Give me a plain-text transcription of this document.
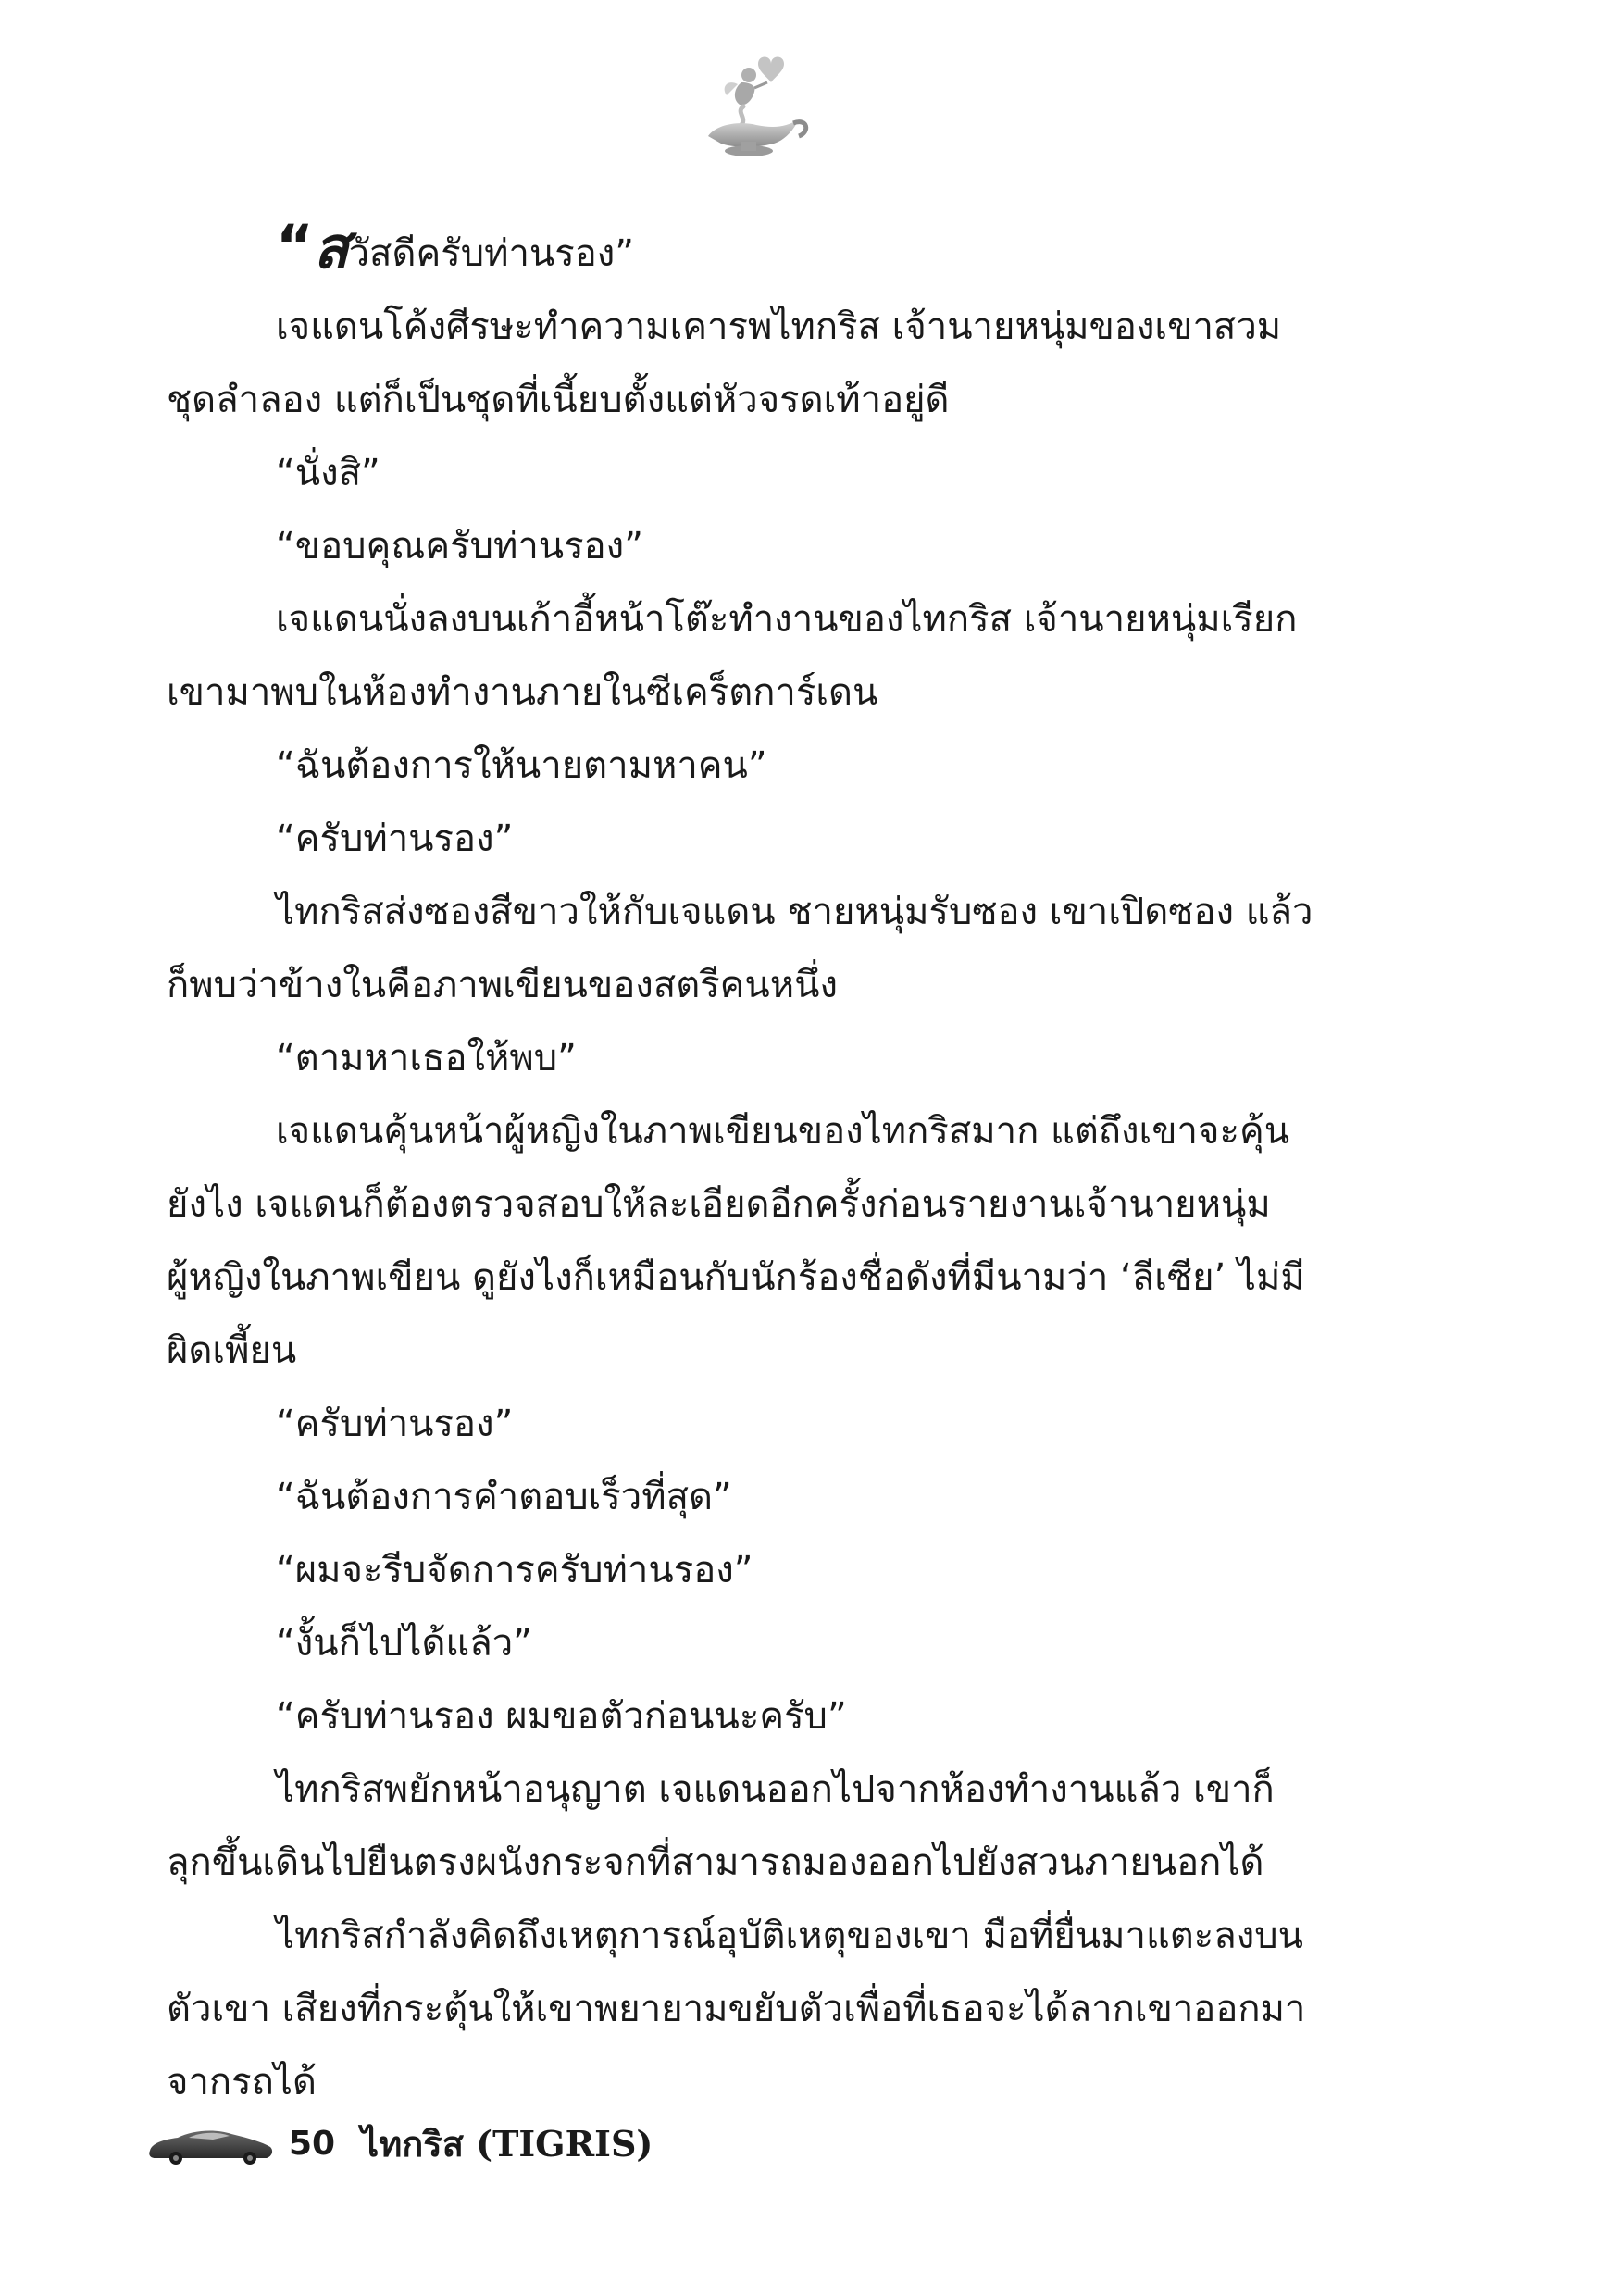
“สวัสดีครับท่านรอง”
เจแดนโค้งศีรษะทำความเคารพไทกริส เจ้านายหนุ่มของเขาสวม
ชุดลำลอง แต่ก็เป็นชุดที่เนี้ยบตั้งแต่หัวจรดเท้าอยู่ดี
“นั่งสิ”
“ขอบคุณครับท่านรอง”
เจแดนนั่งลงบนเก้าอี้หน้าโต๊ะทำงานของไทกริส เจ้านายหนุ่มเรียก
เขามาพบในห้องทำงานภายในซีเคร็ตการ์เดน
“ฉันต้องการให้นายตามหาคน”
“ครับท่านรอง”
ไทกริสส่งซองสีขาวให้กับเจแดน ชายหนุ่มรับซอง เขาเปิดซอง แล้ว
ก็พบว่าข้างในคือภาพเขียนของสตรีคนหนึ่ง
“ตามหาเธอให้พบ”
เจแดนคุ้นหน้าผู้หญิงในภาพเขียนของไทกริสมาก แต่ถึงเขาจะคุ้น
ยังไง เจแดนก็ต้องตรวจสอบให้ละเอียดอีกครั้งก่อนรายงานเจ้านายหนุ่ม
ผู้หญิงในภาพเขียน ดูยังไงก็เหมือนกับนักร้องชื่อดังที่มีนามว่า ‘ลีเซีย’ ไม่มี
ผิดเพี้ยน
“ครับท่านรอง”
“ฉันต้องการคำตอบเร็วที่สุด”
“ผมจะรีบจัดการครับท่านรอง”
“งั้นก็ไปได้แล้ว”
“ครับท่านรอง ผมขอตัวก่อนนะครับ”
ไทกริสพยักหน้าอนุญาต เจแดนออกไปจากห้องทำงานแล้ว เขาก็
ลุกขึ้นเดินไปยืนตรงผนังกระจกที่สามารถมองออกไปยังสวนภายนอกได้
ไทกริสกำลังคิดถึงเหตุการณ์อุบัติเหตุของเขา มือที่ยื่นมาแตะลงบน
ตัวเขา เสียงที่กระตุ้นให้เขาพยายามขยับตัวเพื่อที่เธอจะได้ลากเขาออกมา
จากรถได้
50 ไทกริส (TIGRIS)
